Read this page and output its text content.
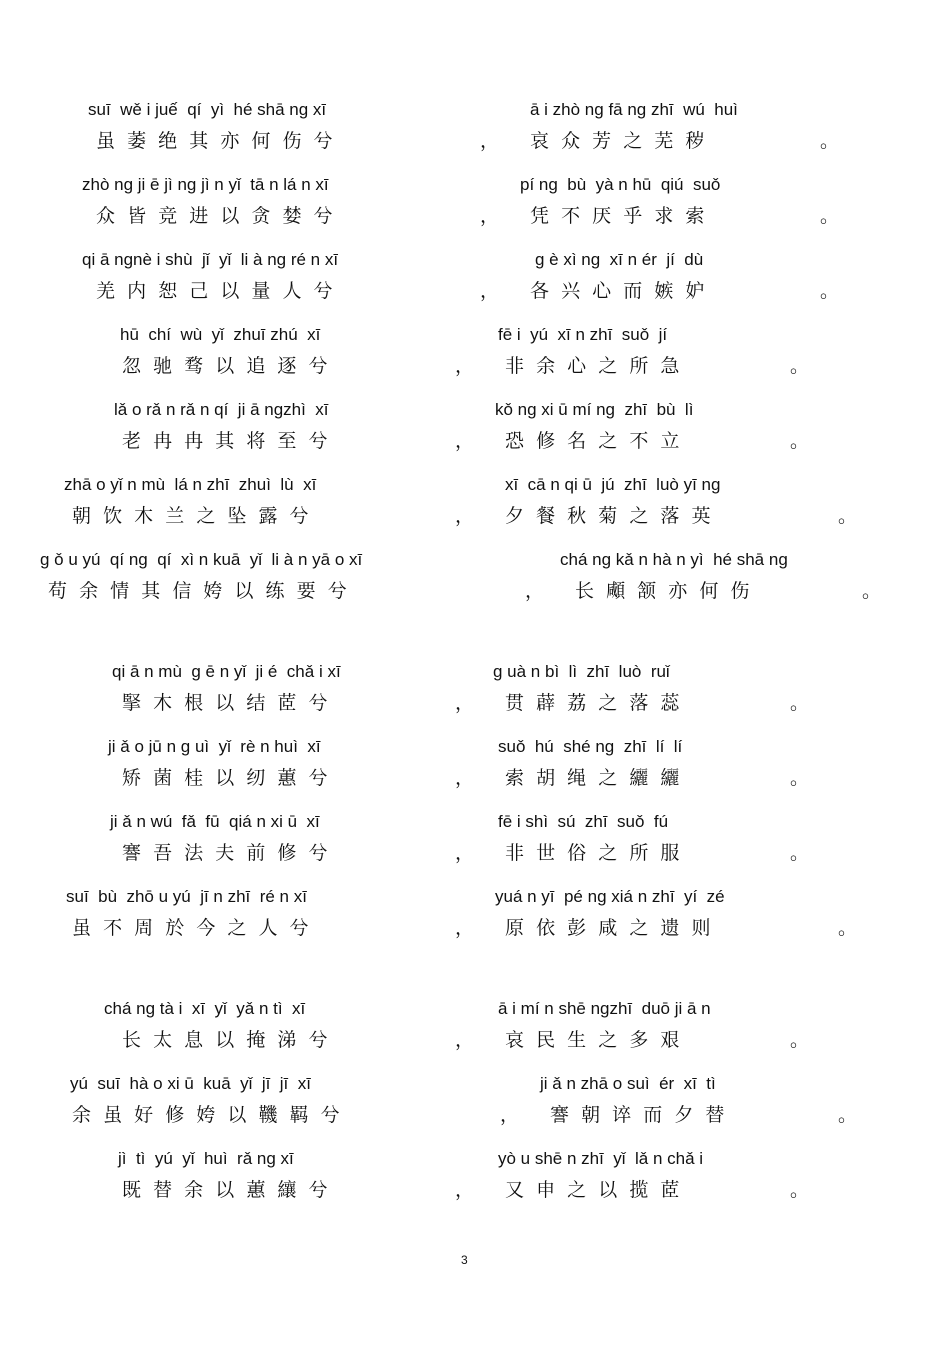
suī  wě i juế  qí  yì  hé shā ng xī	ā i zhò ng fā ng zhī  wú  huì
虽  萎  绝  其  亦  何  伤  兮	， 哀  众  芳  之  芜  秽	。
zhò ng ji ē jì ng jì n yǐ  tā n lá n xī	pí ng  bù  yà n hū  qiú  suǒ
众  皆  竞  进  以  贪  婪  兮	， 凭  不  厌  乎  求  索	。
qi ā ngnè i shù  jǐ  yǐ  li à ng ré n xī	g è xì ng  xī n ér  jí  dù
羌  内  恕  己  以  量  人  兮	， 各  兴  心  而  嫉  妒	。
hū  chí  wù  yǐ  zhuī zhú  xī	fē i  yú  xī n zhī  suǒ  jí
忽  驰  骛  以  追  逐  兮	， 非  余  心  之  所  急	。
lǎ o rǎ n rǎ n qí  ji ā ngzhì  xī	kǒ ng xi ū mí ng  zhī  bù  lì
老  冉  冉  其  将  至  兮	， 恐  修  名  之  不  立	。
zhā o yǐ n mù  lá n zhī  zhuì  lù  xī	xī  cā n qi ū  jú  zhī  luò yī ng
朝  饮  木  兰  之  坠  露  兮	， 夕  餐  秋  菊  之  落  英	。
g ǒ u yú  qí ng  qí  xì n kuā  yǐ  li à n yā o xī	chá ng kǎ n hà n yì  hé shā ng
苟  余  情  其  信  姱  以  练  要  兮	， 长  顑  颔  亦  何  伤	。
qi ā n mù  g ē n yǐ  ji é  chǎ i xī	g uà n bì  lì  zhī  luò  ruǐ
掔  木  根  以  结  茝  兮	， 贯  薜  荔  之  落  蕊	。
ji ǎ o jū n g uì  yǐ  rè n huì  xī	suǒ  hú  shé ng  zhī  lí  lí
矫  菌  桂  以  纫  蕙  兮	， 索  胡  绳  之  纚  纚	。
ji ǎ n wú  fǎ  fū  qiá n xi ū  xī	fē i shì  sú  zhī  suǒ  fú
謇  吾  法  夫  前  修  兮	， 非  世  俗  之  所  服	。
suī  bù  zhō u yú  jī n zhī  ré n xī	yuá n yī  pé ng xiá n zhī  yí  zé
虽  不  周  於  今  之  人  兮	， 原  依  彭  咸  之  遗  则	。
chá ng tà i  xī  yǐ  yǎ n tì  xī	ā i mí n shē ngzhī  duō ji ā n
长  太  息  以  掩  涕  兮	， 哀  民  生  之  多  艰	。
yú  suī  hà o xi ū  kuā  yǐ  jī  jī  xī	ji ǎ n zhā o suì  ér  xī  tì
余  虽  好  修  姱  以  鞿  羁  兮	， 謇  朝  谇  而  夕  替	。
jì  tì  yú  yǐ  huì  rǎ ng xī	yò u shē n zhī  yǐ  lǎ n chǎ i
既  替  余  以  蕙  纕  兮	， 又  申  之  以  揽  茝	。
3
